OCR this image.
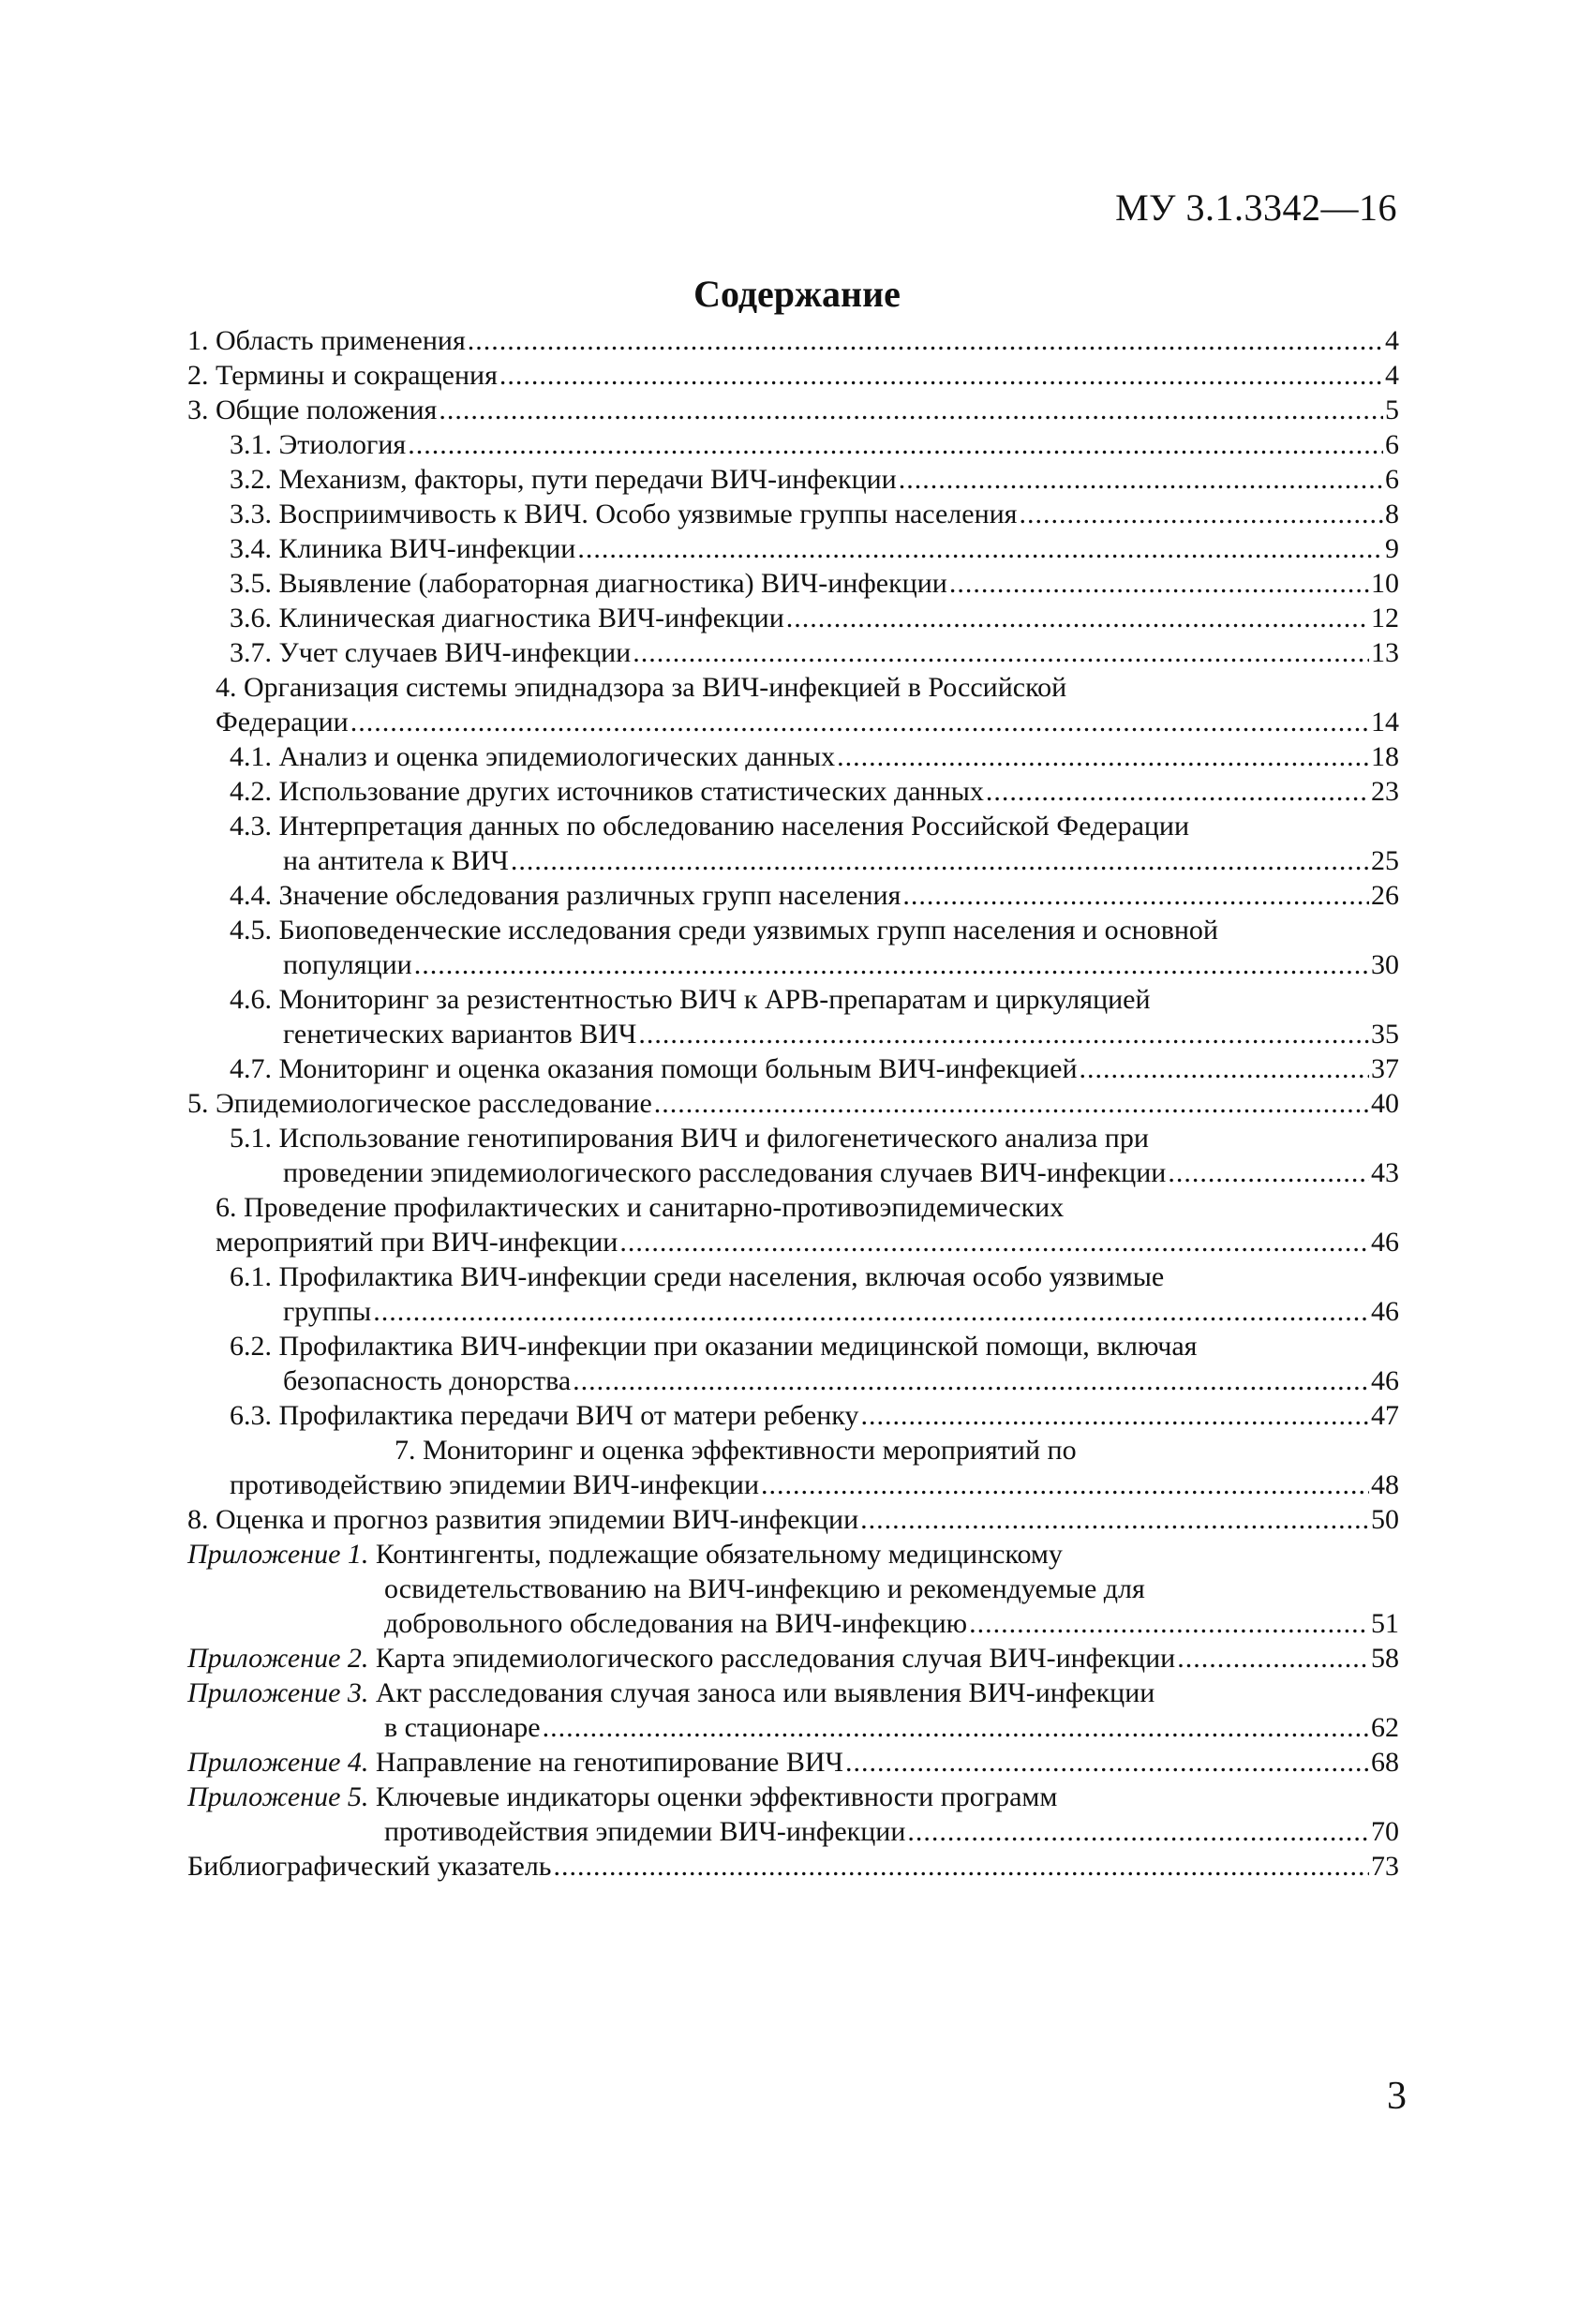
МУ 3.1.3342—16
Содержание
1. Область применения .....	4
2. Термины и сокращения .....	4
3. Общие положения .....	5
3.1. Этиология .....	6
3.2. Механизм, факторы, пути передачи ВИЧ-инфекции .....	6
3.3. Восприимчивость к ВИЧ. Особо уязвимые группы населения .....	8
3.4. Клиника ВИЧ-инфекции .....	9
3.5. Выявление (лабораторная диагностика) ВИЧ-инфекции .....	10
3.6. Клиническая диагностика ВИЧ-инфекции .....	12
3.7. Учет случаев ВИЧ-инфекции .....	13
4. Организация системы эпиднадзора за ВИЧ-инфекцией в Российской
Федерации .....	14
4.1. Анализ и оценка эпидемиологических данных .....	18
4.2. Использование других источников статистических данных .....	23
4.3. Интерпретация данных по обследованию населения Российской Федерации
на антитела к ВИЧ .....	25
4.4. Значение обследования различных групп населения .....	26
4.5. Биоповеденческие исследования среди уязвимых групп населения и основной
популяции .....	30
4.6. Мониторинг за резистентностью ВИЧ к АРВ-препаратам и циркуляцией
генетических вариантов ВИЧ .....	35
4.7. Мониторинг и оценка оказания помощи больным ВИЧ-инфекцией .....	37
5. Эпидемиологическое расследование .....	40
5.1. Использование генотипирования ВИЧ и филогенетического анализа при
проведении эпидемиологического расследования случаев ВИЧ-инфекции .....	43
6. Проведение профилактических и санитарно-противоэпидемических
мероприятий при ВИЧ-инфекции .....	46
6.1. Профилактика ВИЧ-инфекции среди населения, включая особо уязвимые
группы .....	46
6.2. Профилактика ВИЧ-инфекции при оказании медицинской помощи, включая
безопасность донорства .....	46
6.3. Профилактика передачи ВИЧ от матери ребенку .....	47
7. Мониторинг и оценка эффективности мероприятий по
противодействию эпидемии ВИЧ-инфекции .....	48
8. Оценка и прогноз развития эпидемии ВИЧ-инфекции .....	50
Приложение 1. Контингенты, подлежащие обязательному медицинскому
освидетельствованию на ВИЧ-инфекцию и рекомендуемые для
добровольного обследования на ВИЧ-инфекцию .....	51
Приложение 2. Карта эпидемиологического расследования случая ВИЧ-инфекции .....	58
Приложение 3. Акт расследования случая заноса или выявления ВИЧ-инфекции
в стационаре .....	62
Приложение 4. Направление на генотипирование ВИЧ .....	68
Приложение 5. Ключевые индикаторы оценки эффективности программ
противодействия эпидемии ВИЧ-инфекции .....	70
Библиографический указатель .....	73
3
